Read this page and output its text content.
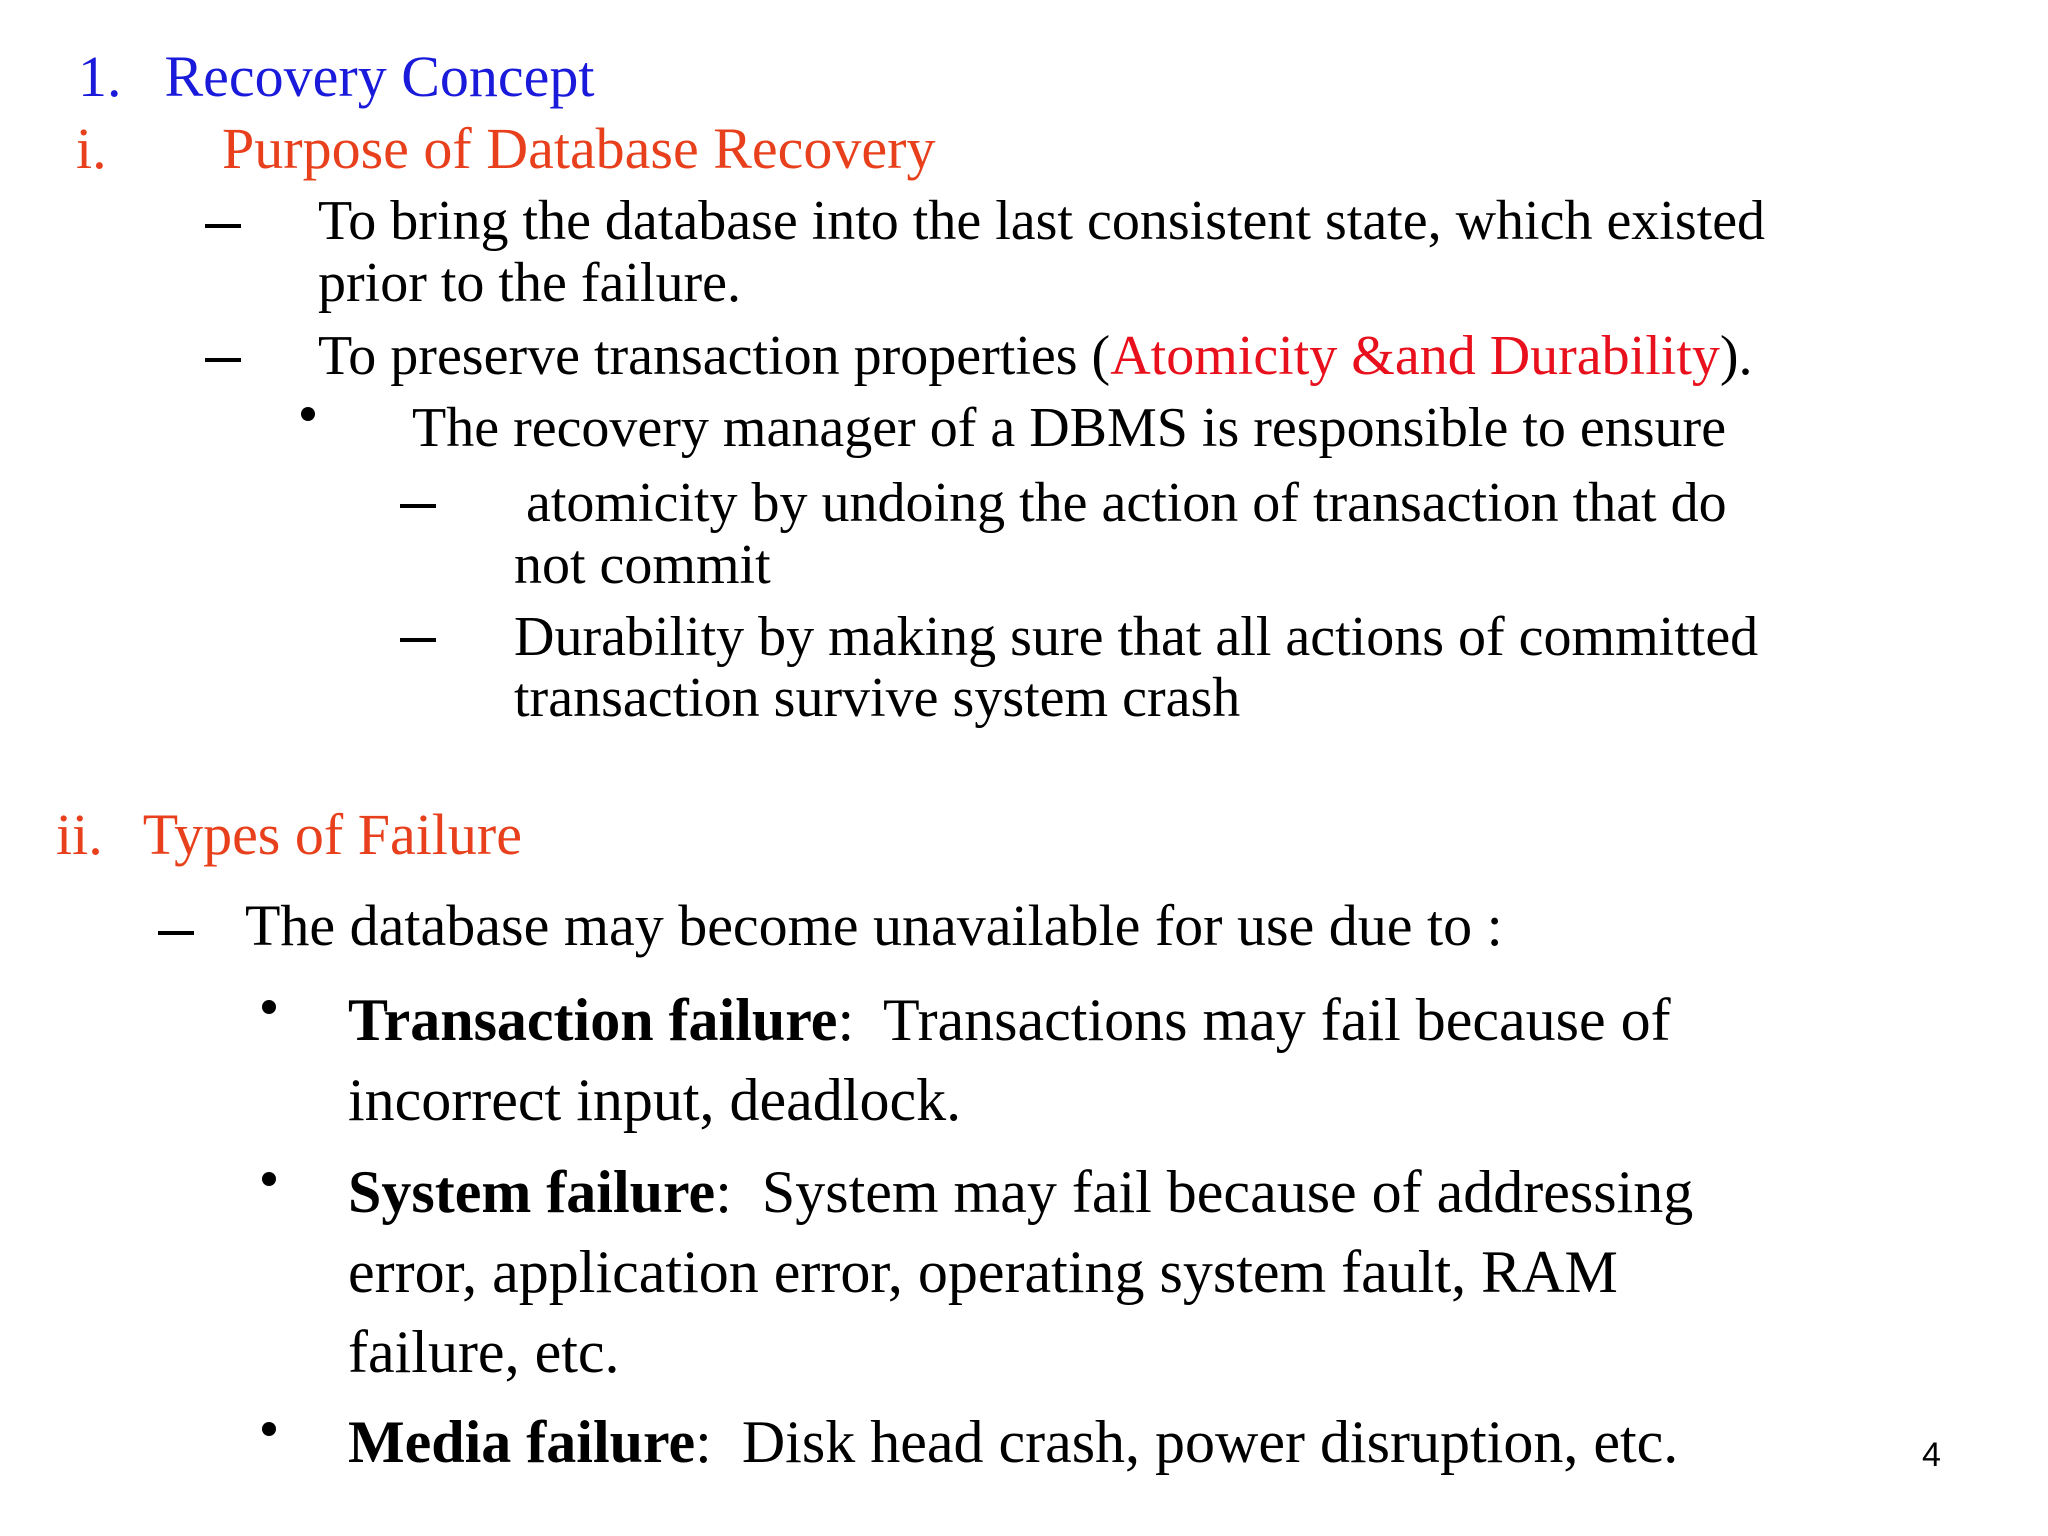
1. Recovery Concept
i. Purpose of Database Recovery
To bring the database into the last consistent state, which existed
prior to the failure.
To preserve transaction properties (Atomicity &and Durability).
The recovery manager of a DBMS is responsible to ensure
atomicity by undoing the action of transaction that do
not commit
Durability by making sure that all actions of committed
transaction survive system crash
ii. Types of Failure
The database may become unavailable for use due to :
Transaction failure:  Transactions may fail because of
incorrect input, deadlock.
System failure:  System may fail because of addressing
error, application error, operating system fault, RAM
failure, etc.
Media failure:  Disk head crash, power disruption, etc.	4
